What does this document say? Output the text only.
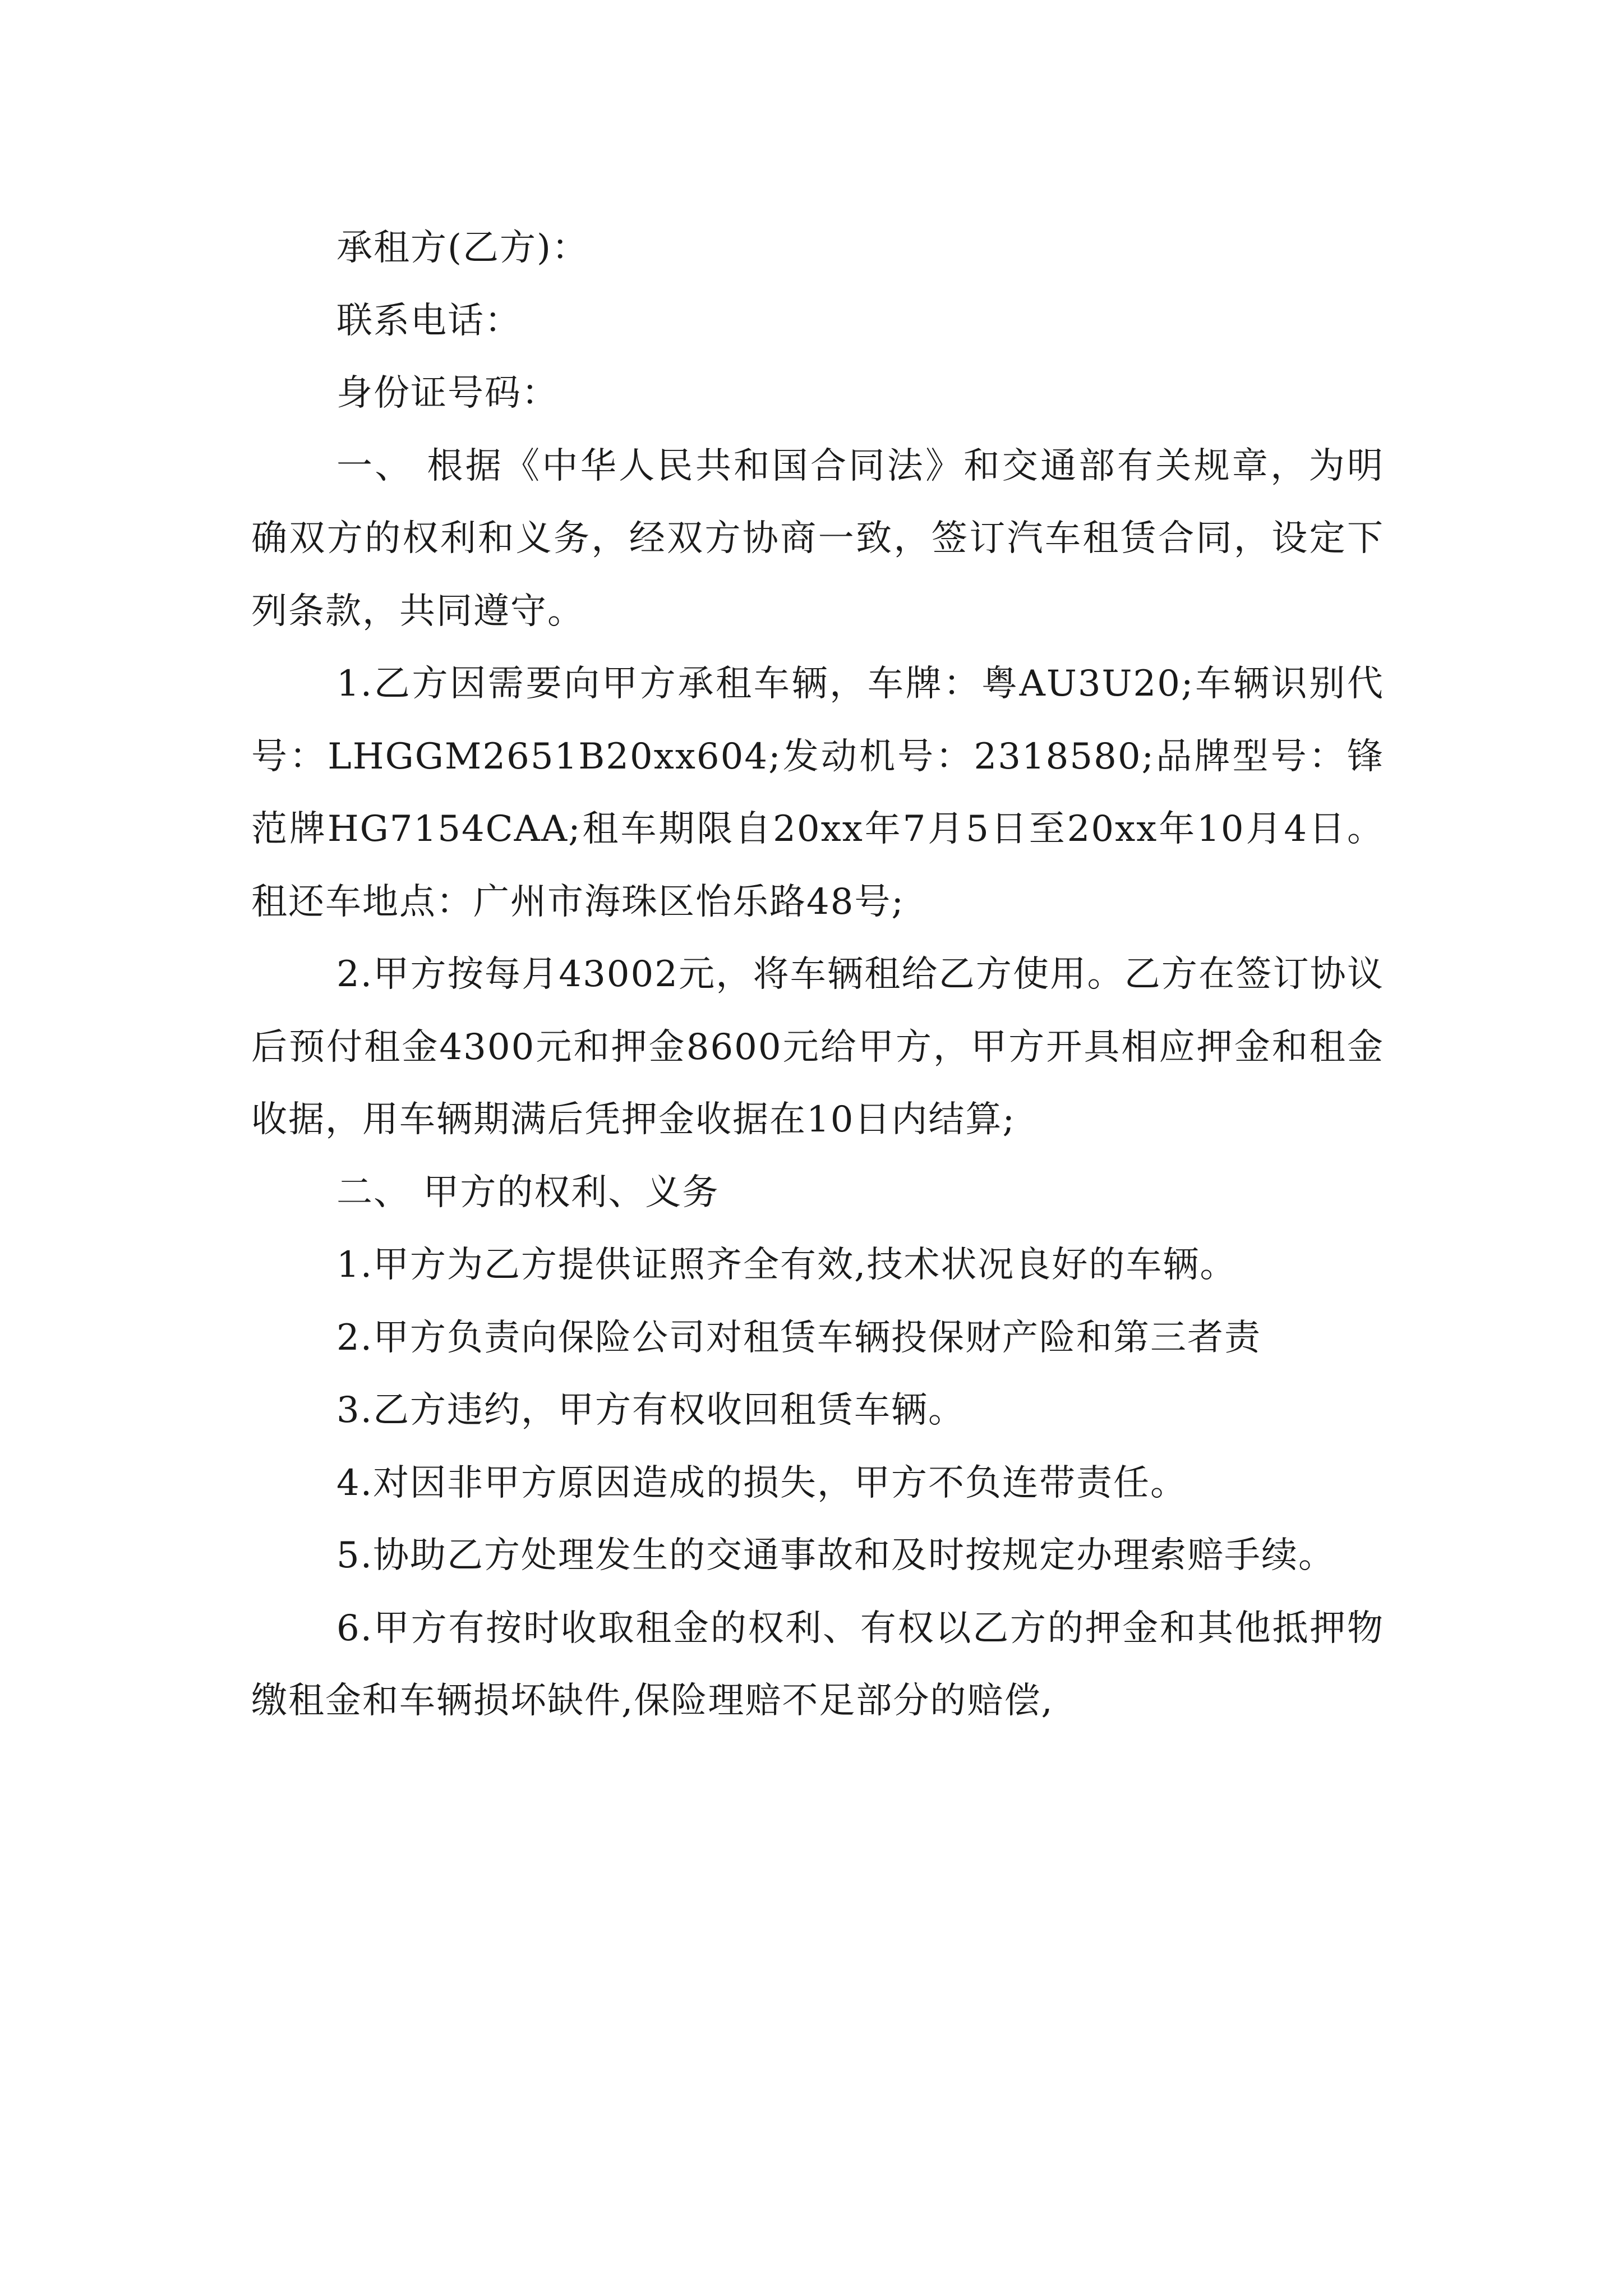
承租方(乙方)：

联系电话：

身份证号码：

一、 根据《中华人民共和国合同法》和交通部有关规章，为明确双方的权利和义务，经双方协商一致，签订汽车租赁合同，设定下列条款，共同遵守。

1.乙方因需要向甲方承租车辆，车牌：粤AU3U20;车辆识别代号：LHGGM2651B20xx604;发动机号：2318580;品牌型号：锋范牌HG7154CAA;租车期限自20xx年7月5日至20xx年10月4日。租还车地点：广州市海珠区怡乐路48号;

2.甲方按每月43002元，将车辆租给乙方使用。乙方在签订协议后预付租金4300元和押金8600元给甲方，甲方开具相应押金和租金收据，用车辆期满后凭押金收据在10日内结算;

二、 甲方的权利、义务

1.甲方为乙方提供证照齐全有效,技术状况良好的车辆。

2.甲方负责向保险公司对租赁车辆投保财产险和第三者责

3.乙方违约，甲方有权收回租赁车辆。

4.对因非甲方原因造成的损失，甲方不负连带责任。

5.协助乙方处理发生的交通事故和及时按规定办理索赔手续。

6.甲方有按时收取租金的权利、有权以乙方的押金和其他抵押物缴租金和车辆损坏缺件,保险理赔不足部分的赔偿,
